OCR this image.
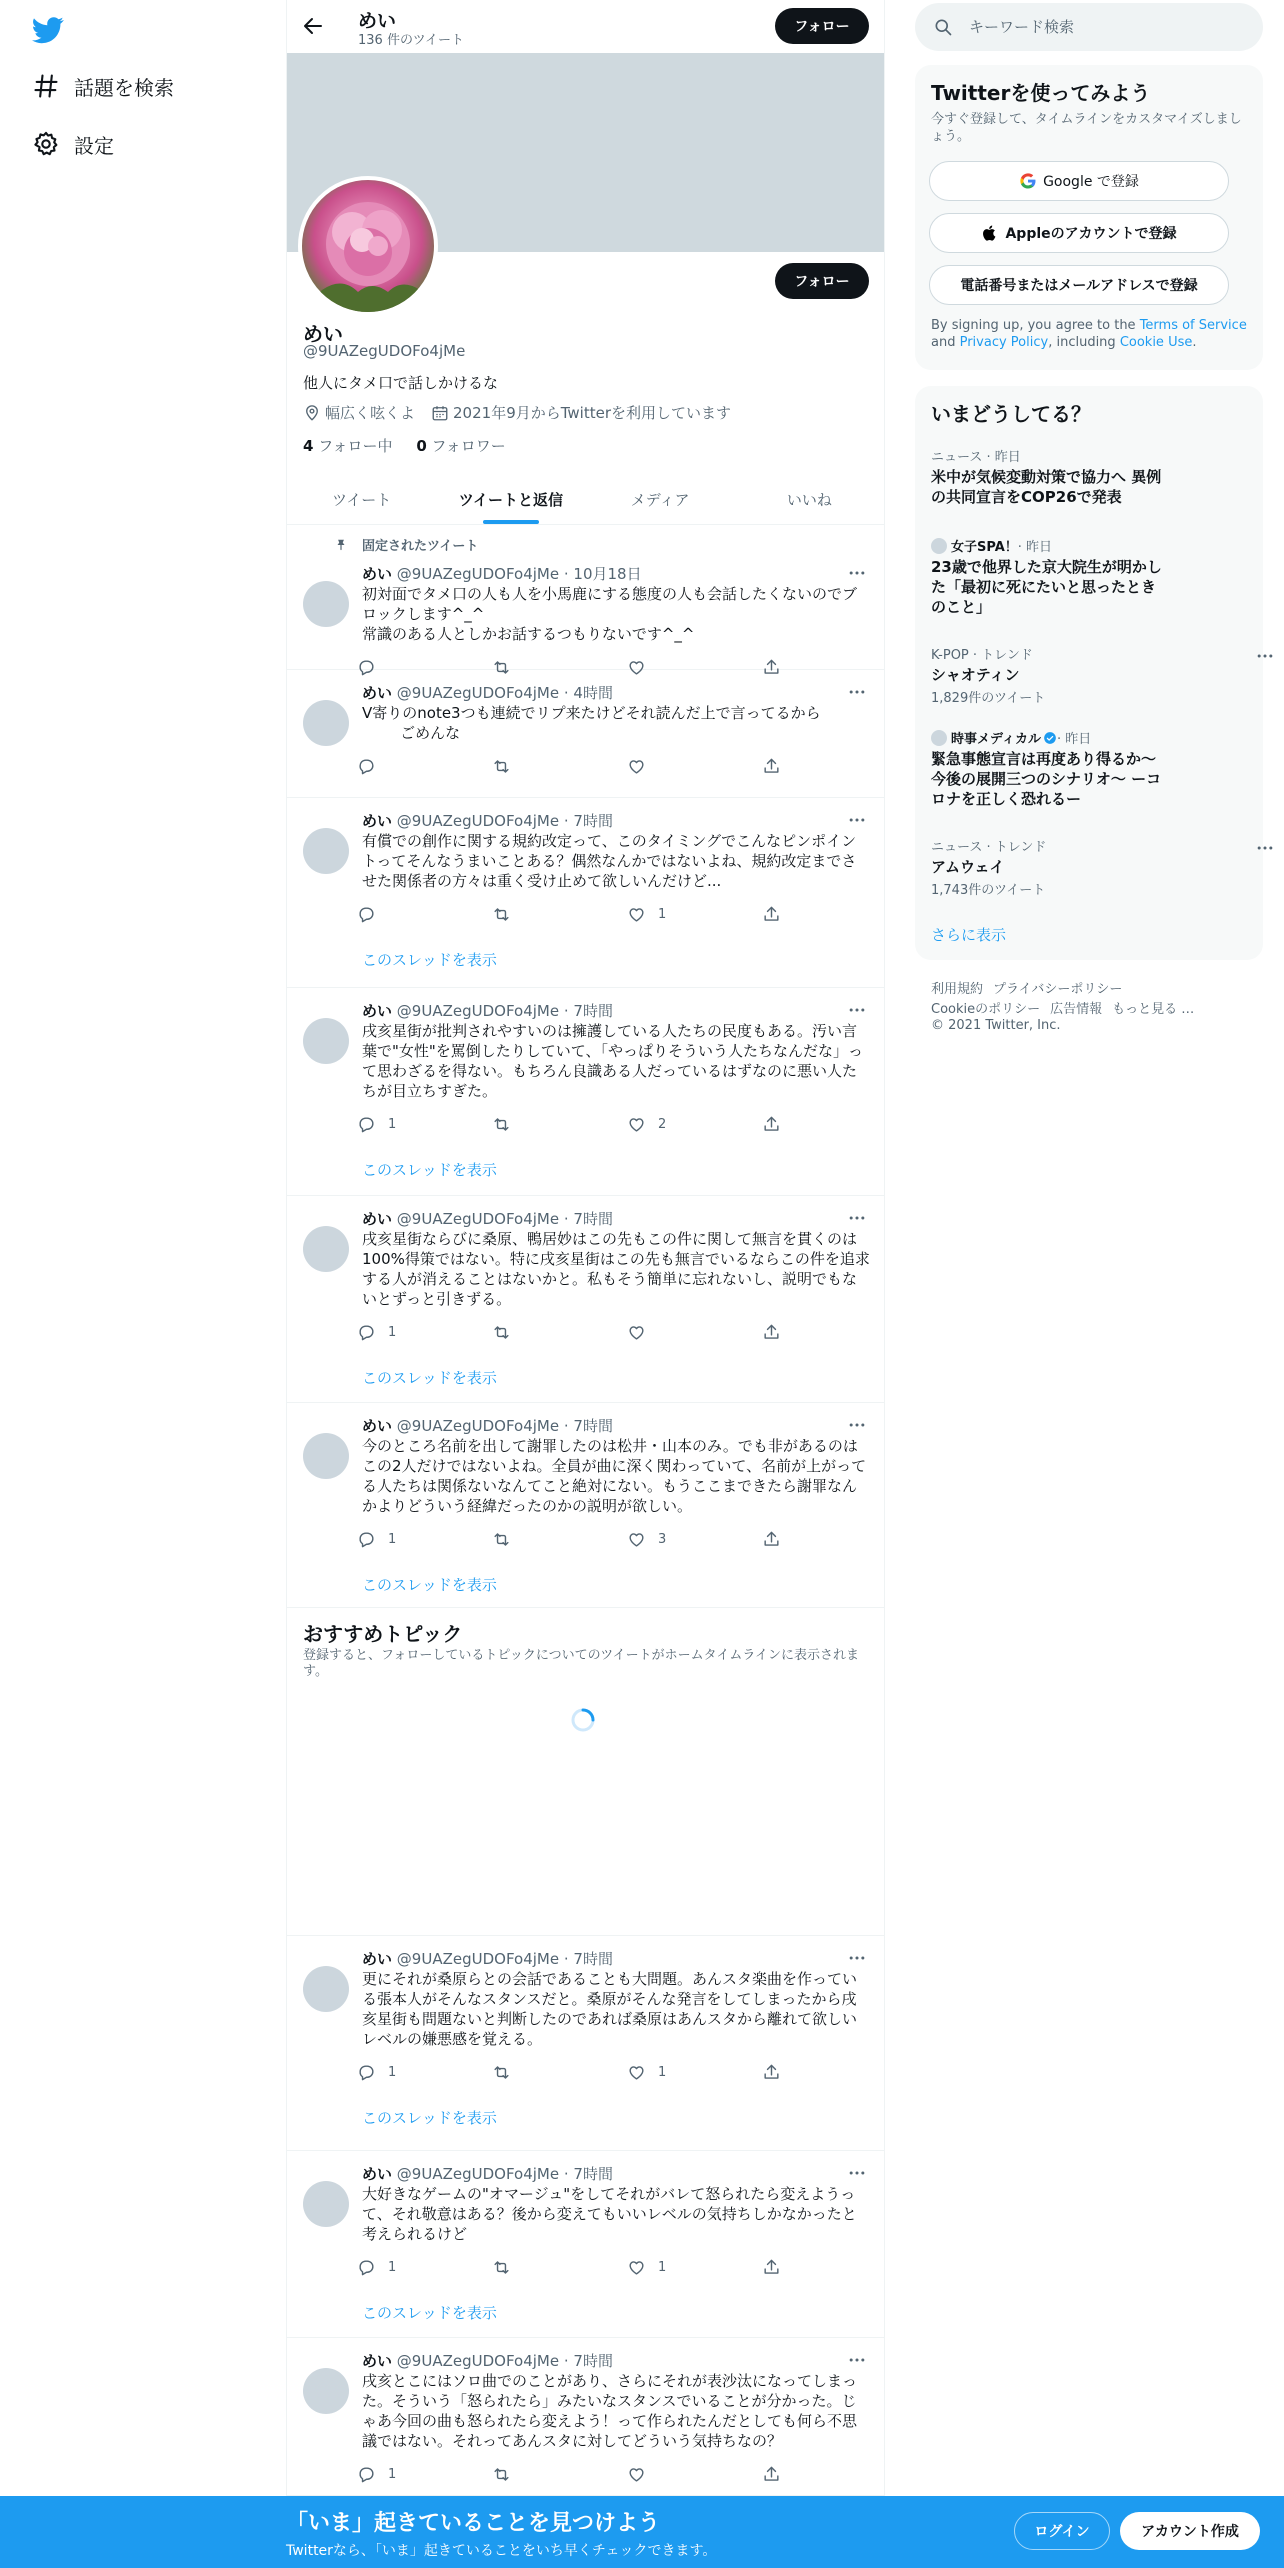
話題を検索
設定
めい
136 件のツイート
フォロー
フォロー
めい
@9UAZegUDOFo4jMe
他人にタメ口で話しかけるな
幅広く呟くよ	2021年9月からTwitterを利用しています
4 フォロー中 0 フォロワー
ツイート	ツイートと返信	メディア	いいね
固定されたツイート
めい @9UAZegUDOFo4jMe · 10月18日
初対面でタメ口の人も人を小馬鹿にする態度の人も会話したくないのでブ
ロックします^_^
常識のある人としかお話するつもりないです^_^
めい @9UAZegUDOFo4jMe · 4時間
V寄りのnote3つも連続でリプ来たけどそれ読んだ上で言ってるから
ごめんな
めい @9UAZegUDOFo4jMe · 7時間
有償での創作に関する規約改定って、このタイミングでこんなピンポイン
トってそんなうまいことある？偶然なんかではないよね、規約改定までさ
せた関係者の方々は重く受け止めて欲しいんだけど...
1
このスレッドを表示
めい @9UAZegUDOFo4jMe · 7時間
戌亥星街が批判されやすいのは擁護している人たちの民度もある。汚い言
葉で"女性"を罵倒したりしていて、「やっぱりそういう人たちなんだな」っ
て思わざるを得ない。もちろん良識ある人だっているはずなのに悪い人た
ちが目立ちすぎた。
1	2
このスレッドを表示
めい @9UAZegUDOFo4jMe · 7時間
戌亥星街ならびに桑原、鴨居妙はこの先もこの件に関して無言を貫くのは
100%得策ではない。特に戌亥星街はこの先も無言でいるならこの件を追求
する人が消えることはないかと。私もそう簡単に忘れないし、説明でもな
いとずっと引きずる。
1
このスレッドを表示
めい @9UAZegUDOFo4jMe · 7時間
今のところ名前を出して謝罪したのは松井・山本のみ。でも非があるのは
この2人だけではないよね。全員が曲に深く関わっていて、名前が上がって
る人たちは関係ないなんてこと絶対にない。もうここまできたら謝罪なん
かよりどういう経緯だったのかの説明が欲しい。
1	3
このスレッドを表示
めい @9UAZegUDOFo4jMe · 7時間
更にそれが桑原らとの会話であることも大問題。あんスタ楽曲を作ってい
る張本人がそんなスタンスだと。桑原がそんな発言をしてしまったから戌
亥星街も問題ないと判断したのであれば桑原はあんスタから離れて欲しい
レベルの嫌悪感を覚える。
1	1
このスレッドを表示
めい @9UAZegUDOFo4jMe · 7時間
大好きなゲームの"オマージュ"をしてそれがバレて怒られたら変えようっ
て、それ敬意はある？後から変えてもいいレベルの気持ちしかなかったと
考えられるけど
1	1
このスレッドを表示
めい @9UAZegUDOFo4jMe · 7時間
戌亥とこにはソロ曲でのことがあり、さらにそれが表沙汰になってしまっ
た。そういう「怒られたら」みたいなスタンスでいることが分かった。じ
ゃあ今回の曲も怒られたら変えよう！って作られたんだとしても何ら不思
議ではない。それってあんスタに対してどういう気持ちなの？
1
おすすめトピック
登録すると、フォローしているトピックについてのツイートがホームタイムラインに表示されま
す。
キーワード検索
Twitterを使ってみよう
今すぐ登録して、タイムラインをカスタマイズしましょう。
Google で登録
Appleのアカウントで登録
電話番号またはメールアドレスで登録
By signing up, you agree to the Terms of Service and Privacy Policy, including Cookie Use.
いまどうしてる？
ニュース · 昨日
米中が気候変動対策で協力へ 異例
の共同宣言をCOP26で発表
女子SPA！ · 昨日
23歳で他界した京大院生が明かし
た「最初に死にたいと思ったとき
のこと」
K-POP · トレンド
シャオティン
1,829件のツイート
時事メディカル · 昨日
緊急事態宣言は再度あり得るか～
今後の展開三つのシナリオ～ ーコ
ロナを正しく恐れるー
ニュース · トレンド
アムウェイ
1,743件のツイート
さらに表示
利用規約 プライバシーポリシー
Cookieのポリシー 広告情報 もっと見る …
© 2021 Twitter, Inc.
「いま」起きていることを見つけよう
Twitterなら、「いま」起きていることをいち早くチェックできます。
ログイン	アカウント作成
